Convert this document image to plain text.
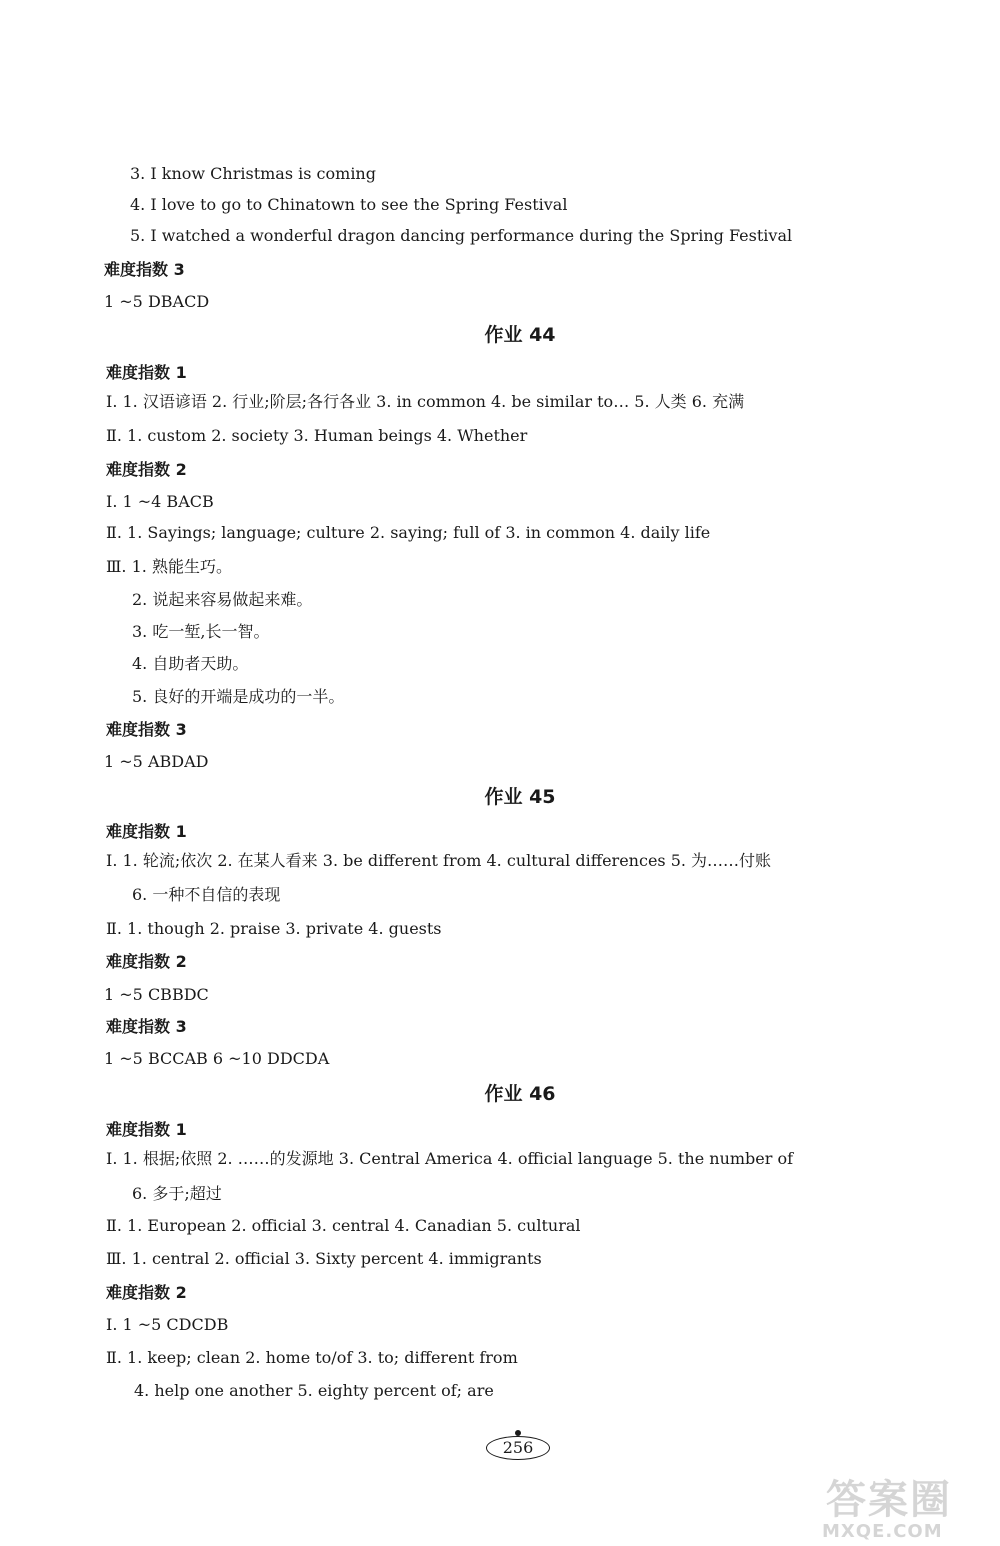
3. I know Christmas is coming
4. I love to go to Chinatown to see the Spring Festival
5. I watched a wonderful dragon dancing performance during the Spring Festival
难度指数 3
1 ~5 DBACD
作业 44
难度指数 1
Ⅰ. 1. 汉语谚语 2. 行业;阶层;各行各业 3. in common 4. be similar to… 5. 人类 6. 充满
Ⅱ. 1. custom 2. society 3. Human beings 4. Whether
难度指数 2
Ⅰ. 1 ~4 BACB
Ⅱ. 1. Sayings; language; culture 2. saying; full of 3. in common 4. daily life
Ⅲ. 1. 熟能生巧。
2. 说起来容易做起来难。
3. 吃一堑,长一智。
4. 自助者天助。
5. 良好的开端是成功的一半。
难度指数 3
1 ~5 ABDAD
作业 45
难度指数 1
Ⅰ. 1. 轮流;依次 2. 在某人看来 3. be different from 4. cultural differences 5. 为……付账
6. 一种不自信的表现
Ⅱ. 1. though 2. praise 3. private 4. guests
难度指数 2
1 ~5 CBBDC
难度指数 3
1 ~5 BCCAB 6 ~10 DDCDA
作业 46
难度指数 1
Ⅰ. 1. 根据;依照 2. ……的发源地 3. Central America 4. official language 5. the number of
6. 多于;超过
Ⅱ. 1. European 2. official 3. central 4. Canadian 5. cultural
Ⅲ. 1. central 2. official 3. Sixty percent 4. immigrants
难度指数 2
Ⅰ. 1 ~5 CDCDB
Ⅱ. 1. keep; clean 2. home to/of 3. to; different from
4. help one another 5. eighty percent of; are
256
答案圈
MXQE.COM
